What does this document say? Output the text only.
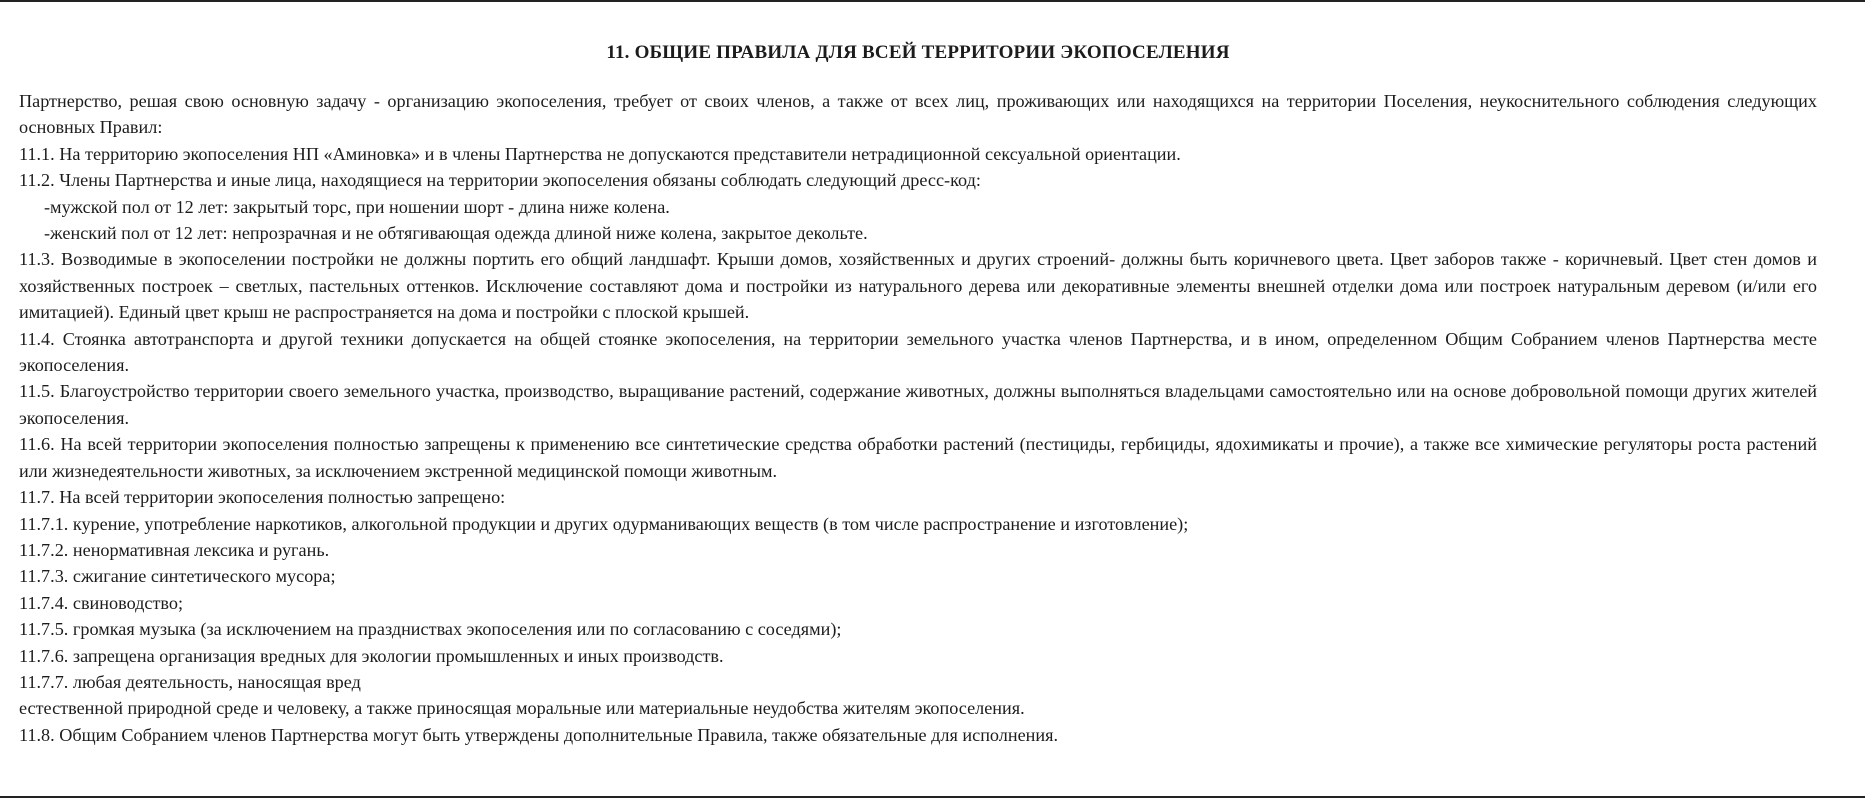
11. ОБЩИЕ ПРАВИЛА ДЛЯ ВСЕЙ ТЕРРИТОРИИ ЭКОПОСЕЛЕНИЯ

Партнерство, решая свою основную задачу - организацию экопоселения, требует от своих членов, а также от всех лиц, проживающих или находящихся на территории Поселения, неукоснительного соблюдения следующих основных Правил:

11.1. На территорию экопоселения НП «Аминовка» и в члены Партнерства не допускаются представители нетрадиционной сексуальной ориентации.

11.2. Члены Партнерства и иные лица, находящиеся на территории экопоселения обязаны соблюдать следующий дресс-код:

-мужской пол от 12 лет: закрытый торс, при ношении шорт - длина ниже колена.

-женский пол от 12 лет: непрозрачная и не обтягивающая одежда длиной ниже колена, закрытое декольте.

11.3. Возводимые в экопоселении постройки не должны портить его общий ландшафт. Крыши домов, хозяйственных и других строений- должны быть коричневого цвета. Цвет заборов также - коричневый. Цвет стен домов и хозяйственных построек – светлых, пастельных оттенков. Исключение составляют дома и постройки из натурального дерева или декоративные элементы внешней отделки дома или построек натуральным деревом (и/или его имитацией). Единый цвет крыш не распространяется на дома и постройки с плоской крышей.

11.4. Стоянка автотранспорта и другой техники допускается на общей стоянке экопоселения, на территории земельного участка членов Партнерства, и в ином, определенном Общим Собранием членов Партнерства месте экопоселения.

11.5. Благоустройство территории своего земельного участка, производство, выращивание растений, содержание животных, должны выполняться владельцами самостоятельно или на основе добровольной помощи других жителей экопоселения.

11.6. На всей территории экопоселения полностью запрещены к применению все синтетические средства обработки растений (пестициды, гербициды, ядохимикаты и прочие), а также все химические регуляторы роста растений или жизнедеятельности животных, за исключением экстренной медицинской помощи животным.

11.7. На всей территории экопоселения полностью запрещено:

11.7.1. курение, употребление наркотиков, алкогольной продукции и других одурманивающих веществ (в том числе распространение и изготовление);

11.7.2. ненормативная лексика и ругань.

11.7.3. сжигание синтетического мусора;

11.7.4. свиноводство;

11.7.5. громкая музыка (за исключением на праздниствах экопоселения или по согласованию с соседями);

11.7.6. запрещена организация вредных для экологии промышленных и иных производств.

11.7.7. любая деятельность, наносящая вред

естественной природной среде и человеку, а также приносящая моральные или материальные неудобства жителям экопоселения.

11.8. Общим Собранием членов Партнерства могут быть утверждены дополнительные Правила, также обязательные для исполнения.
